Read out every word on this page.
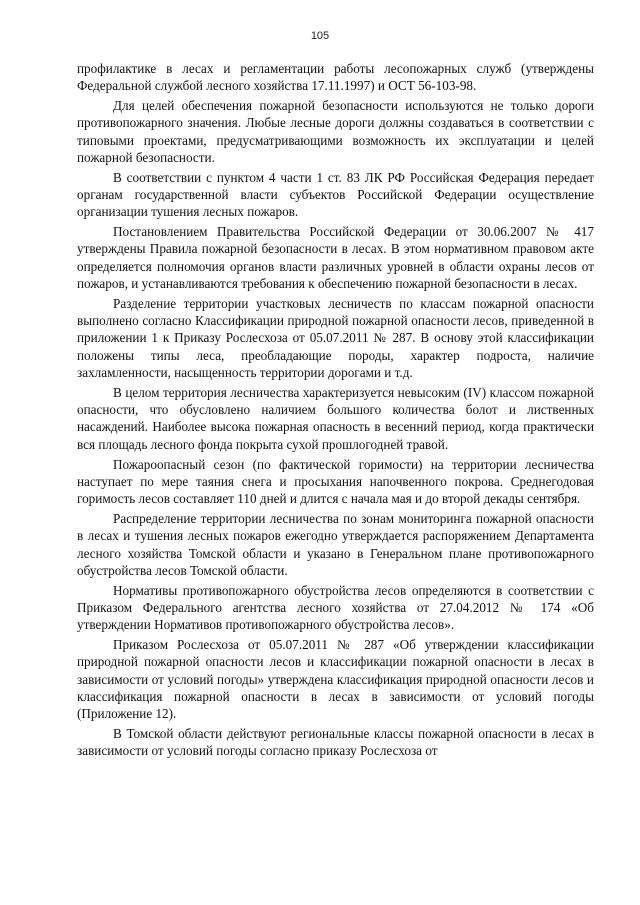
105

профилактике в лесах и регламентации работы лесопожарных служб (утверждены Федеральной службой лесного хозяйства 17.11.1997) и ОСТ 56-103-98.

Для целей обеспечения пожарной безопасности используются не только дороги противопожарного значения. Любые лесные дороги должны создаваться в соответствии с типовыми проектами, предусматривающими возможность их эксплуатации и целей пожарной безопасности.

В соответствии с пунктом 4 части 1 ст. 83 ЛК РФ Российская Федерация передает органам государственной власти субъектов Российской Федерации осуществление организации тушения лесных пожаров.

Постановлением Правительства Российской Федерации от 30.06.2007 № 417 утверждены Правила пожарной безопасности в лесах. В этом нормативном правовом акте определяется полномочия органов власти различных уровней в области охраны лесов от пожаров, и устанавливаются требования к обеспечению пожарной безопасности в лесах.

Разделение территории участковых лесничеств по классам пожарной опасности выполнено согласно Классификации природной пожарной опасности лесов, приведенной в приложении 1 к Приказу Рослесхоза от 05.07.2011 № 287. В основу этой классификации положены типы леса, преобладающие породы, характер подроста, наличие захламленности, насыщенность территории дорогами и т.д.

В целом территория лесничества характеризуется невысоким (IV) классом пожарной опасности, что обусловлено наличием большого количества болот и лиственных насаждений. Наиболее высока пожарная опасность в весенний период, когда практически вся площадь лесного фонда покрыта сухой прошлогодней травой.

Пожароопасный сезон (по фактической горимости) на территории лесничества наступает по мере таяния снега и просыхания напочвенного покрова. Среднегодовая горимость лесов составляет 110 дней и длится с начала мая и до второй декады сентября.

Распределение территории лесничества по зонам мониторинга пожарной опасности в лесах и тушения лесных пожаров ежегодно утверждается распоряжением Департамента лесного хозяйства Томской области и указано в Генеральном плане противопожарного обустройства лесов Томской области.

Нормативы противопожарного обустройства лесов определяются в соответствии с Приказом Федерального агентства лесного хозяйства от 27.04.2012 № 174 «Об утверждении Нормативов противопожарного обустройства лесов».

Приказом Рослесхоза от 05.07.2011 № 287 «Об утверждении классификации природной пожарной опасности лесов и классификации пожарной опасности в лесах в зависимости от условий погоды» утверждена классификация природной опасности лесов и классификация пожарной опасности в лесах в зависимости от условий погоды (Приложение 12).

В Томской области действуют региональные классы пожарной опасности в лесах в зависимости от условий погоды согласно приказу Рослесхоза от
